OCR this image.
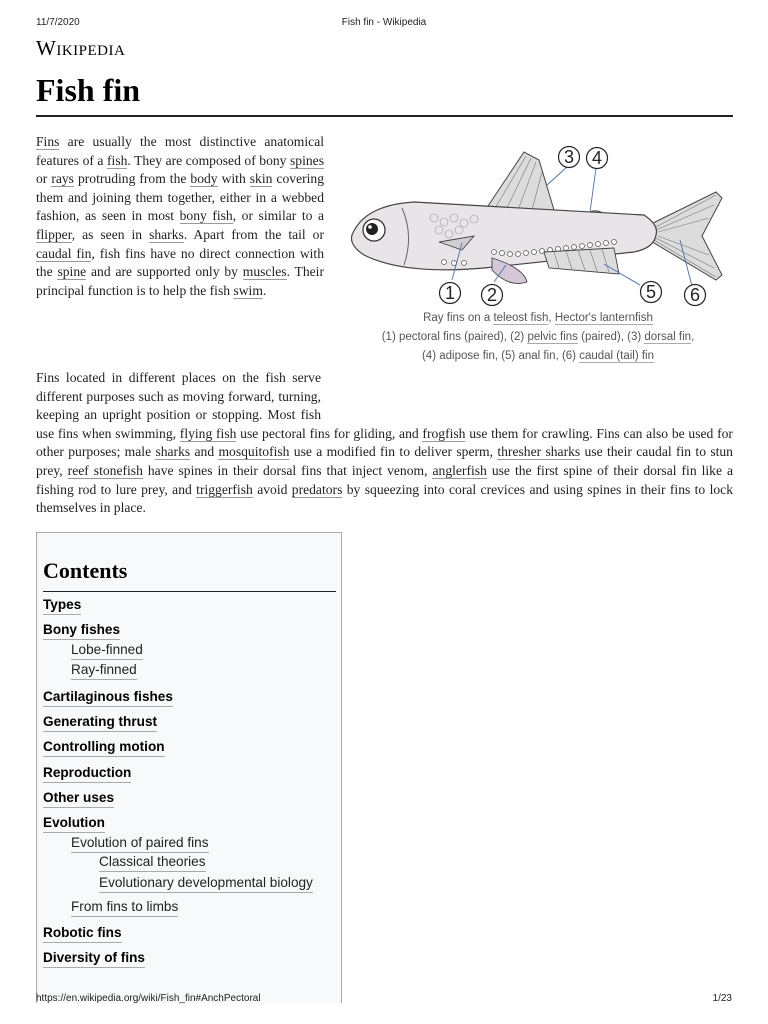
11/7/2020	Fish fin - Wikipedia
Wikipedia
Fish fin
Fins are usually the most distinctive anatomical features of a fish. They are composed of bony spines or rays protruding from the body with skin covering them and joining them together, either in a webbed fashion, as seen in most bony fish, or similar to a flipper, as seen in sharks. Apart from the tail or caudal fin, fish fins have no direct connection with the spine and are supported only by muscles. Their principal function is to help the fish swim.	1 2
3 4
5 6
Ray fins on a teleost fish, Hector's lanternfish
(1) pectoral fins (paired), (2) pelvic fins (paired), (3) dorsal fin,
(4) adipose fin, (5) anal fin, (6) caudal (tail) fin
Fins located in different places on the fish serve different purposes such as moving forward, turning, keeping an upright position or stopping. Most fish use fins when swimming, flying fish use pectoral fins for gliding, and frogfish use them for crawling. Fins can also be used for other purposes; male sharks and mosquitofish use a modified fin to deliver sperm, thresher sharks use their caudal fin to stun prey, reef stonefish have spines in their dorsal fins that inject venom, anglerfish use the first spine of their dorsal fin like a fishing rod to lure prey, and triggerfish avoid predators by squeezing into coral crevices and using spines in their fins to lock themselves in place.
Contents
Types
Bony fishes
Lobe-finned
Ray-finned
Cartilaginous fishes
Generating thrust
Controlling motion
Reproduction
Other uses
Evolution
Evolution of paired fins
Classical theories
Evolutionary developmental biology
From fins to limbs
Robotic fins
Diversity of fins
https://en.wikipedia.org/wiki/Fish_fin#AnchPectoral	1/23
